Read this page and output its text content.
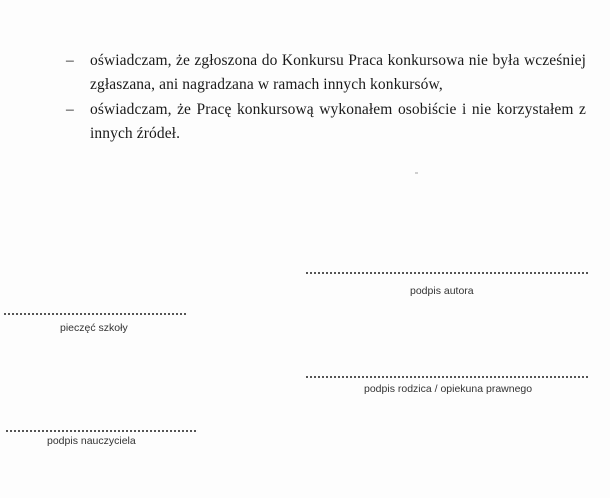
–	oświadczam, że zgłoszona do Konkursu Praca konkursowa nie była wcześniej zgłaszana, ani nagradzana w ramach innych konkursów,
–	oświadczam, że Pracę konkursową wykonałem osobiście i nie korzystałem z innych źródeł.
podpis autora
pieczęć szkoły
podpis rodzica / opiekuna prawnego
podpis nauczyciela
